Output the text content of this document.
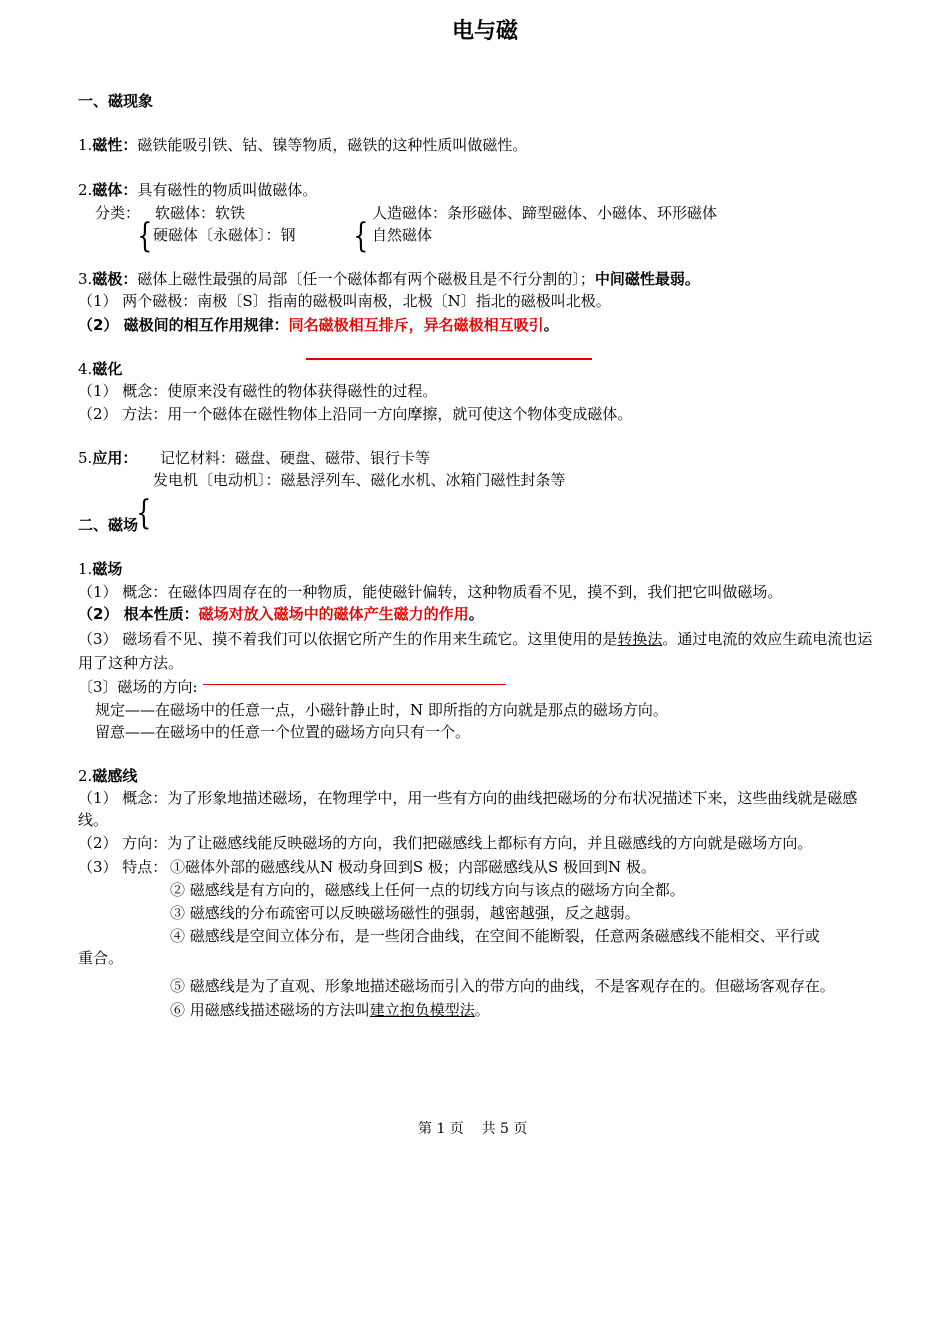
电与磁
一、磁现象
1.磁性：磁铁能吸引铁、钴、镍等物质，磁铁的这种性质叫做磁性。
2.磁体：具有磁性的物质叫做磁体。
分类： 软磁体：软铁
硬磁体〔永磁体〕：钢
{
人造磁体：条形磁体、蹄型磁体、小磁体、环形磁体
{ 自然磁体
3.磁极：磁体上磁性最强的局部〔任一个磁体都有两个磁极且是不行分割的〕；中间磁性最弱。
（1） 两个磁极：南极〔S〕指南的磁极叫南极，北极〔N〕指北的磁极叫北极。
（2） 磁极间的相互作用规律：同名磁极相互排斥，异名磁极相互吸引。
4.磁化
（1） 概念：使原来没有磁性的物体获得磁性的过程。
（2） 方法：用一个磁体在磁性物体上沿同一方向摩擦，就可使这个物体变成磁体。
5.应用： 记忆材料：磁盘、硬盘、磁带、银行卡等
发电机〔电动机〕：磁悬浮列车、磁化水机、冰箱门磁性封条等
二、磁场
{
1.磁场
（1） 概念：在磁体四周存在的一种物质，能使磁针偏转，这种物质看不见，摸不到，我们把它叫做磁场。
（2） 根本性质：磁场对放入磁场中的磁体产生磁力的作用。
（3） 磁场看不见、摸不着我们可以依据它所产生的作用来生疏它。这里使用的是转换法。通过电流的效应生疏电流也运用了这种方法。
〔3〕磁场的方向:
规定——在磁场中的任意一点，小磁针静止时，N 即所指的方向就是那点的磁场方向。
留意——在磁场中的任意一个位置的磁场方向只有一个。
2.磁感线
（1） 概念：为了形象地描述磁场，在物理学中，用一些有方向的曲线把磁场的分布状况描述下来，这些曲线就是磁感线。
（2） 方向：为了让磁感线能反映磁场的方向，我们把磁感线上都标有方向，并且磁感线的方向就是磁场方向。
（3） 特点： ①磁体外部的磁感线从N 极动身回到S 极；内部磁感线从S 极回到N 极。
② 磁感线是有方向的，磁感线上任何一点的切线方向与该点的磁场方向全都。
③ 磁感线的分布疏密可以反映磁场磁性的强弱，越密越强，反之越弱。
④ 磁感线是空间立体分布，是一些闭合曲线，在空间不能断裂，任意两条磁感线不能相交、平行或
重合。
⑤ 磁感线是为了直观、形象地描述磁场而引入的带方向的曲线，不是客观存在的。但磁场客观存在。
⑥ 用磁感线描述磁场的方法叫建立抱负模型法。
第 1 页    共 5 页
